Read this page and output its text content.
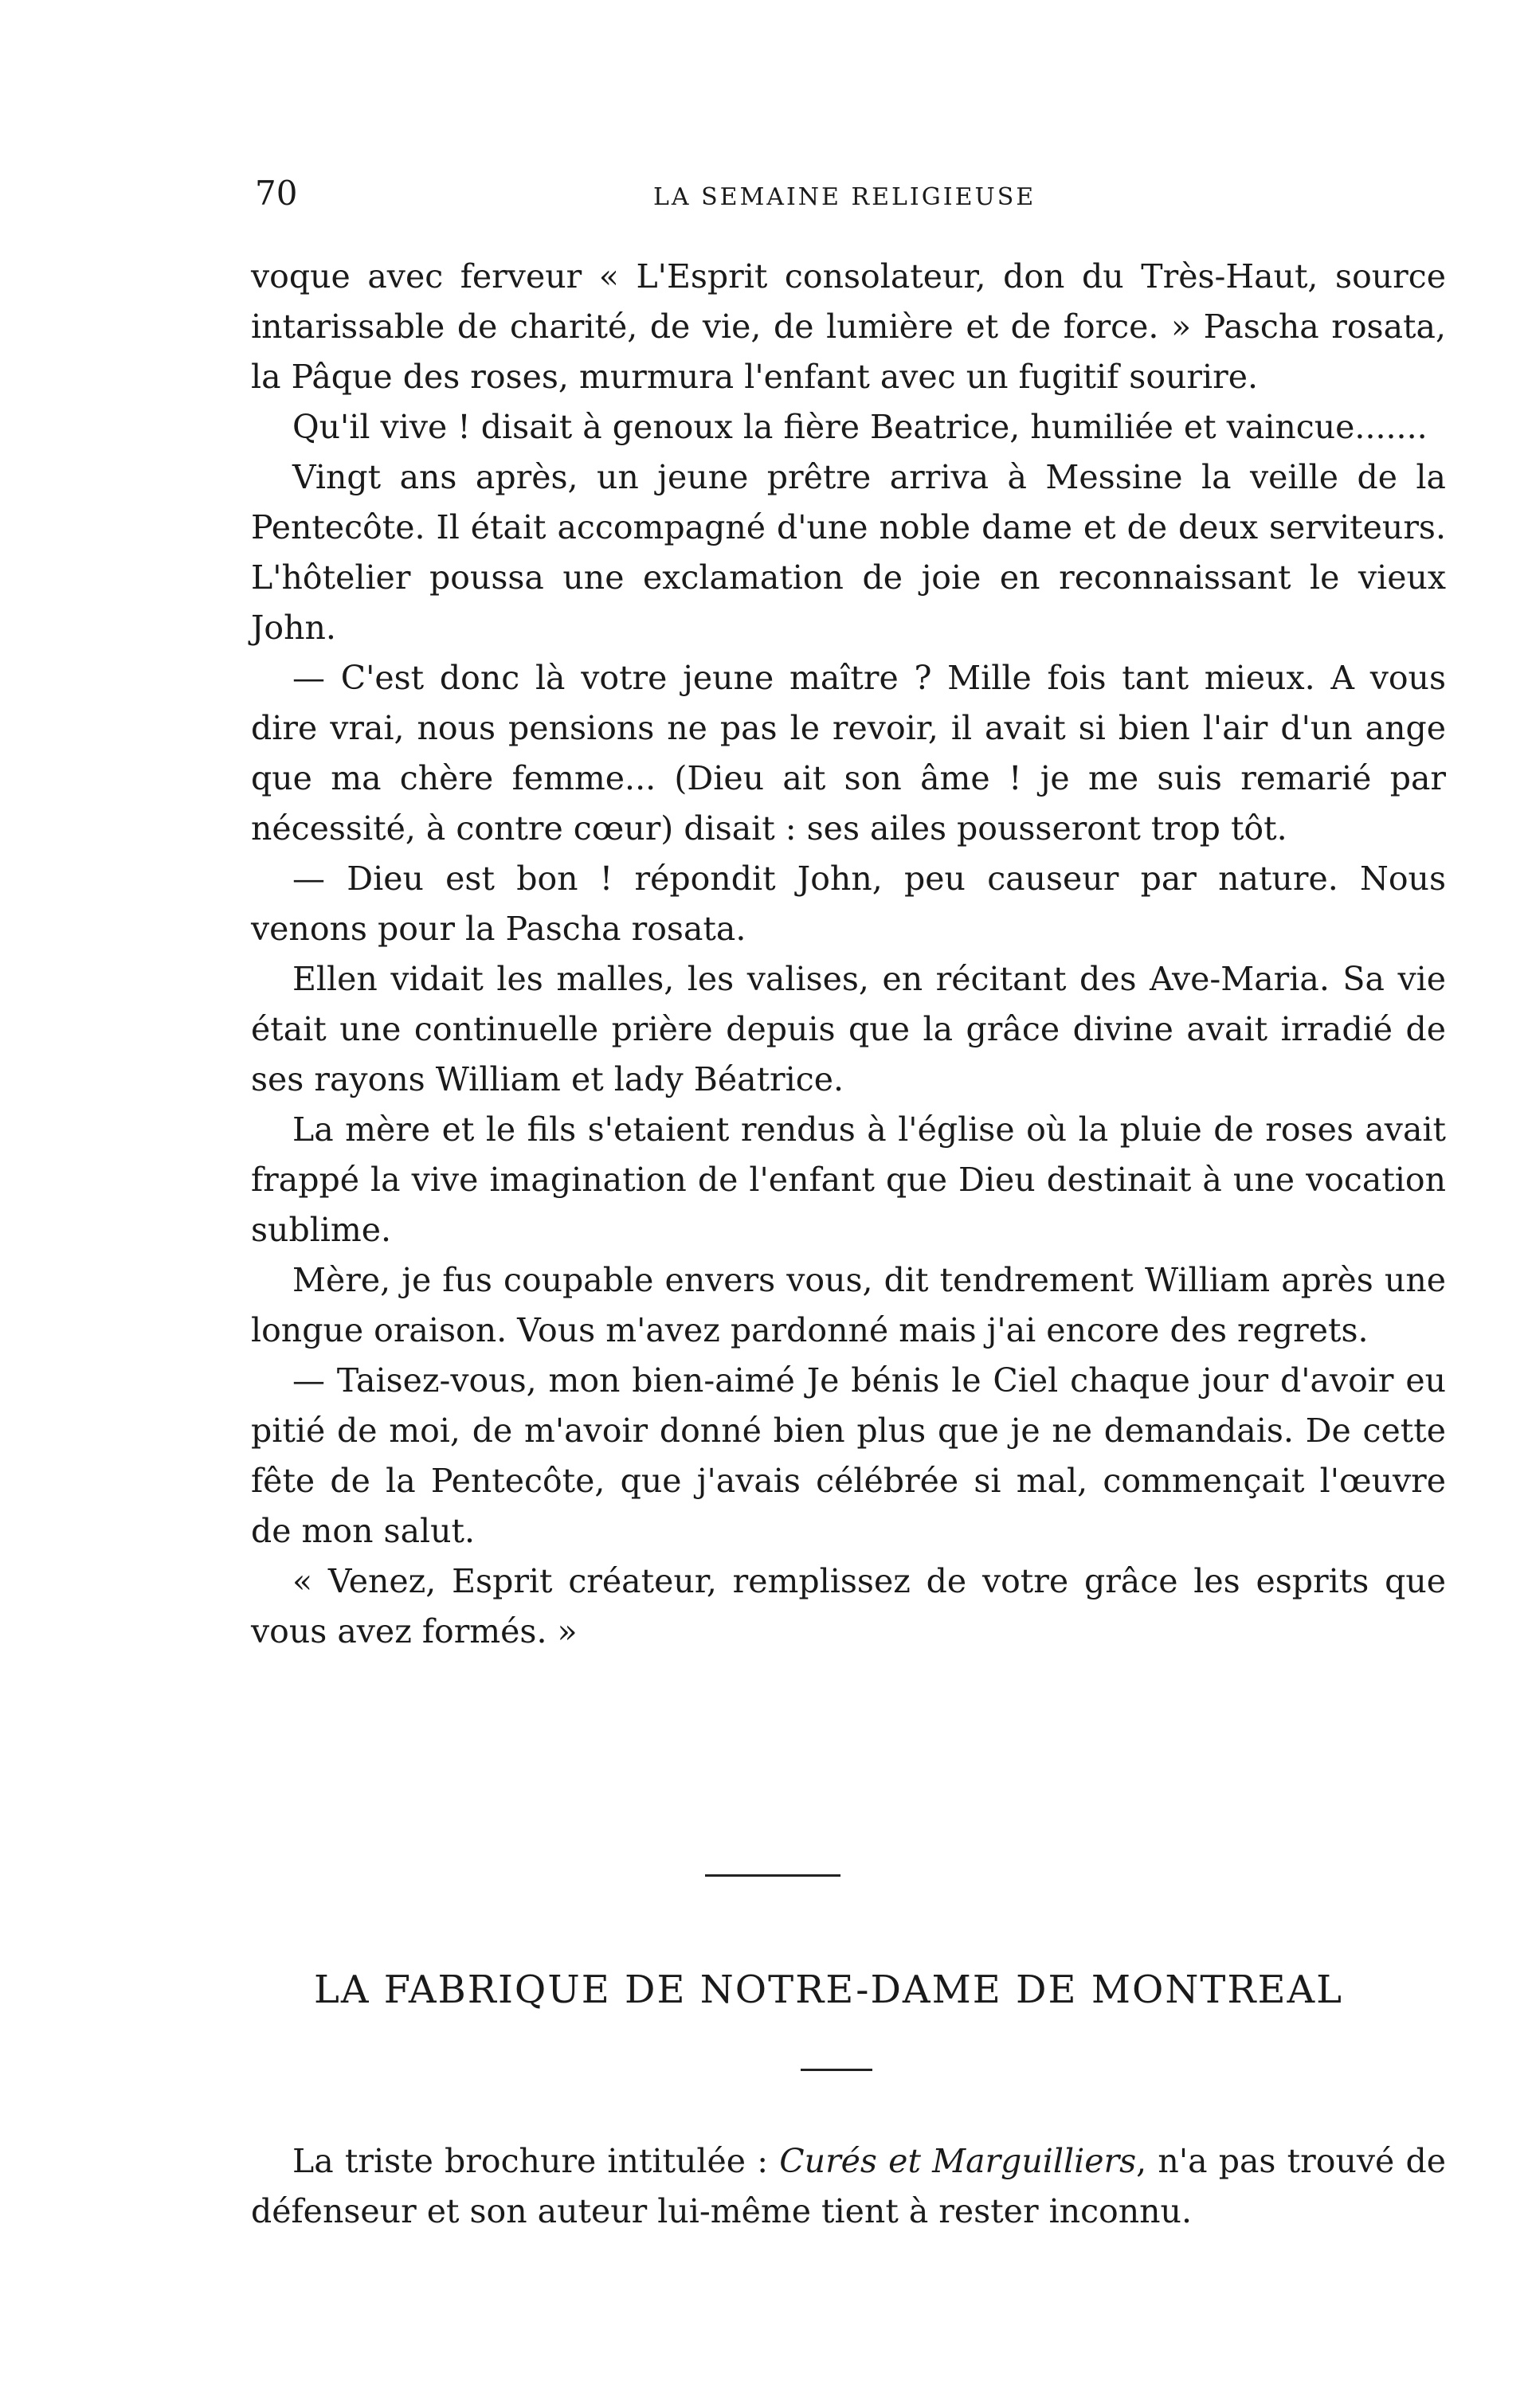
70	LA SEMAINE RELIGIEUSE

voque avec ferveur « L'Esprit consolateur, don du Très-Haut, source intarissable de charité, de vie, de lumière et de force. » Pascha rosata, la Pâque des roses, murmura l'enfant avec un fugitif sourire.

Qu'il vive ! disait à genoux la fière Beatrice, humiliée et vaincue.......

Vingt ans après, un jeune prêtre arriva à Messine la veille de la Pentecôte. Il était accompagné d'une noble dame et de deux serviteurs. L'hôtelier poussa une exclamation de joie en reconnaissant le vieux John.

— C'est donc là votre jeune maître ? Mille fois tant mieux. A vous dire vrai, nous pensions ne pas le revoir, il avait si bien l'air d'un ange que ma chère femme... (Dieu ait son âme ! je me suis remarié par nécessité, à contre cœur) disait : ses ailes pousseront trop tôt.

— Dieu est bon ! répondit John, peu causeur par nature. Nous venons pour la Pascha rosata.

Ellen vidait les malles, les valises, en récitant des Ave-Maria. Sa vie était une continuelle prière depuis que la grâce divine avait irradié de ses rayons William et lady Béatrice.

La mère et le fils s'etaient rendus à l'église où la pluie de roses avait frappé la vive imagination de l'enfant que Dieu destinait à une vocation sublime.

Mère, je fus coupable envers vous, dit tendrement William après une longue oraison. Vous m'avez pardonné mais j'ai encore des regrets.

— Taisez-vous, mon bien-aimé Je bénis le Ciel chaque jour d'avoir eu pitié de moi, de m'avoir donné bien plus que je ne demandais. De cette fête de la Pentecôte, que j'avais célébrée si mal, commençait l'œuvre de mon salut.

« Venez, Esprit créateur, remplissez de votre grâce les esprits que vous avez formés. »

LA FABRIQUE DE NOTRE-DAME DE MONTREAL

La triste brochure intitulée : Curés et Marguilliers, n'a pas trouvé de défenseur et son auteur lui-même tient à rester inconnu.
